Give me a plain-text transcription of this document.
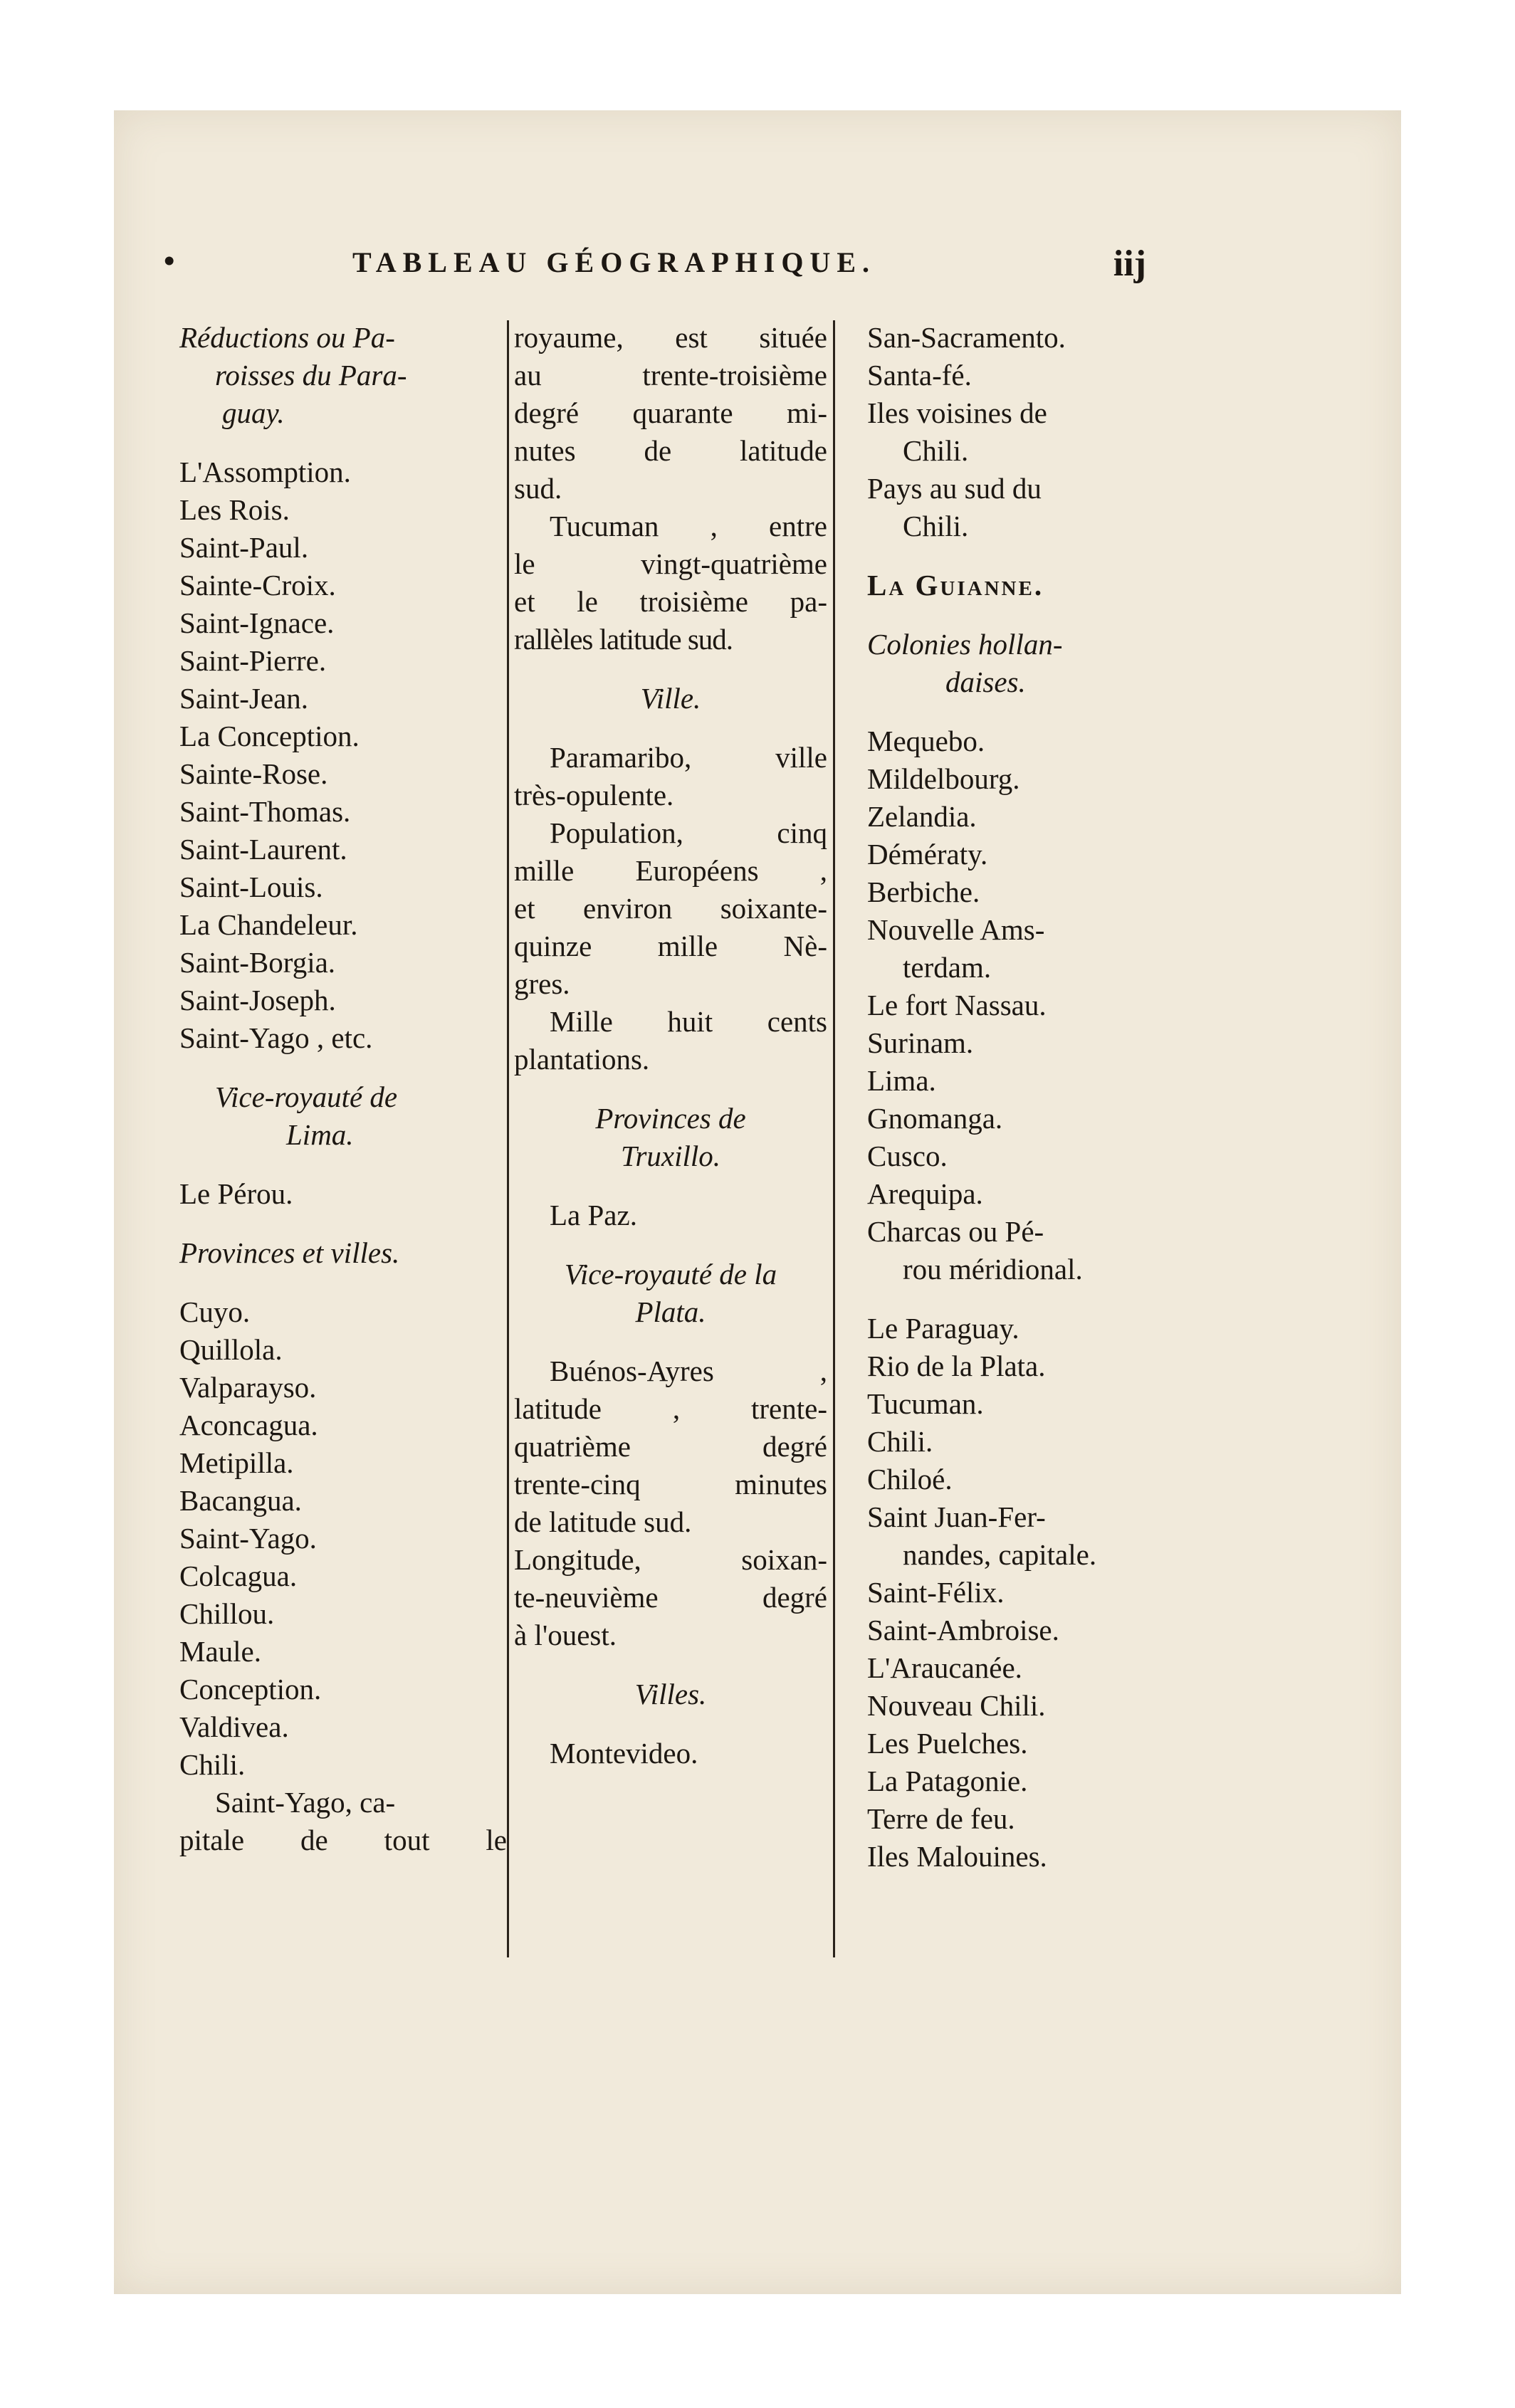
•	TABLEAU GÉOGRAPHIQUE.	iij
Réductions ou Pa-
roisses du Para-
guay.
L'Assomption.
Les Rois.
Saint-Paul.
Sainte-Croix.
Saint-Ignace.
Saint-Pierre.
Saint-Jean.
La Conception.
Sainte-Rose.
Saint-Thomas.
Saint-Laurent.
Saint-Louis.
La Chandeleur.
Saint-Borgia.
Saint-Joseph.
Saint-Yago , etc.
Vice-royauté de
Lima.
Le Pérou.
Provinces et villes.
Cuyo.
Quillola.
Valparayso.
Aconcagua.
Metipilla.
Bacangua.
Saint-Yago.
Colcagua.
Chillou.
Maule.
Conception.
Valdivea.
Chili.
Saint-Yago, ca-
pitale de tout le
royaume, est située
au trente-troisième
degré quarante mi-
nutes de latitude
sud.
Tucuman , entre
le vingt-quatrième
et le troisième pa-
rallèles latitude sud.
Ville.
Paramaribo, ville
très-opulente.
Population, cinq
mille Européens ,
et environ soixante-
quinze mille Nè-
gres.
Mille huit cents
plantations.
Provinces de
Truxillo.
La Paz.
Vice-royauté de la
Plata.
Buénos-Ayres ,
latitude , trente-
quatrième degré
trente-cinq minutes
de latitude sud.
Longitude, soixan-
te-neuvième degré
à l'ouest.
Villes.
Montevideo.
San-Sacramento.
Santa-fé.
Iles voisines de
Chili.
Pays au sud du
Chili.
La Guianne.
Colonies hollan-
daises.
Mequebo.
Mildelbourg.
Zelandia.
Démératy.
Berbiche.
Nouvelle Ams-
terdam.
Le fort Nassau.
Surinam.
Lima.
Gnomanga.
Cusco.
Arequipa.
Charcas ou Pé-
rou méridional.
Le Paraguay.
Rio de la Plata.
Tucuman.
Chili.
Chiloé.
Saint Juan-Fer-
nandes, capitale.
Saint-Félix.
Saint-Ambroise.
L'Araucanée.
Nouveau Chili.
Les Puelches.
La Patagonie.
Terre de feu.
Iles Malouines.
